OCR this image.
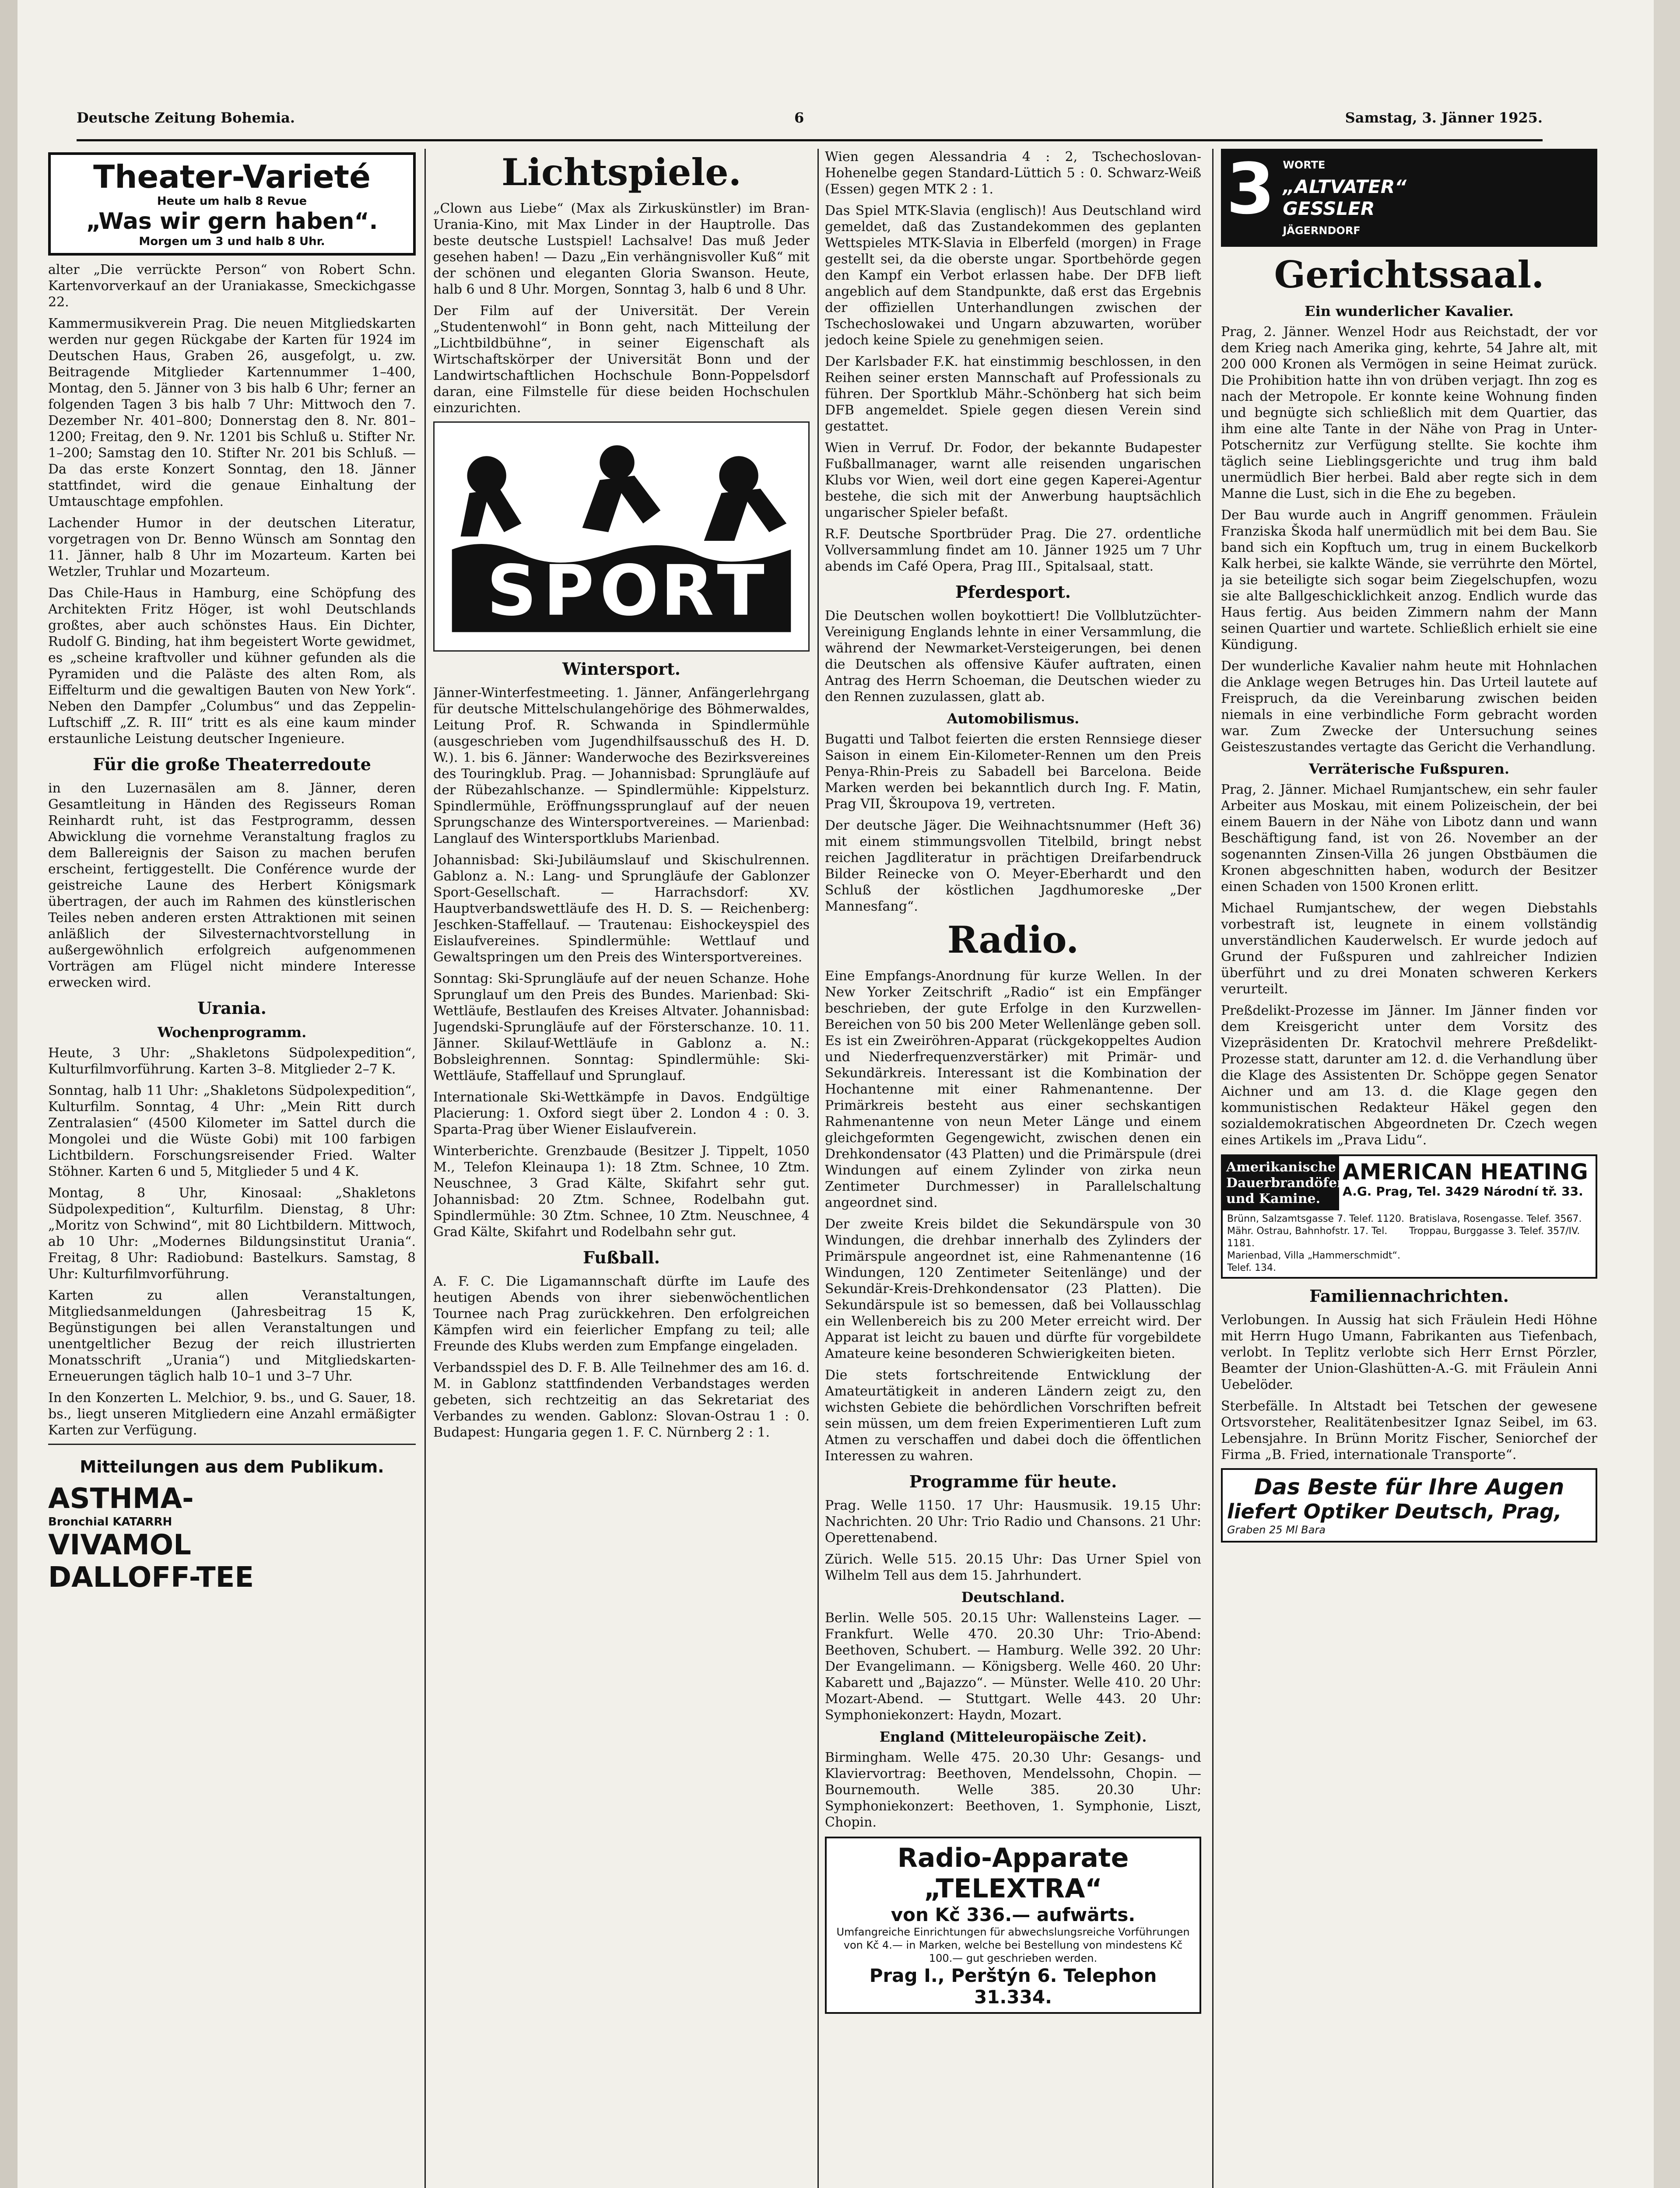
Deutsche Zeitung Bohemia.	6	Samstag, 3. Jänner 1925.
Theater-Varieté
Heute um halb 8 Revue
„Was wir gern haben“.
Morgen um 3 und halb 8 Uhr.

alter „Die verrückte Person“ von Robert Schn. Kartenvorverkauf an der Uraniakasse, Smeckichgasse 22.

Kammermusikverein Prag. Die neuen Mitgliedskarten werden nur gegen Rückgabe der Karten für 1924 im Deutschen Haus, Graben 26, ausgefolgt, u. zw. Beitragende Mitglieder Kartennummer 1–400, Montag, den 5. Jänner von 3 bis halb 6 Uhr; ferner an folgenden Tagen 3 bis halb 7 Uhr: Mittwoch den 7. Dezember Nr. 401–800; Donnerstag den 8. Nr. 801–1200; Freitag, den 9. Nr. 1201 bis Schluß u. Stifter Nr. 1–200; Samstag den 10. Stifter Nr. 201 bis Schluß. — Da das erste Konzert Sonntag, den 18. Jänner stattfindet, wird die genaue Einhaltung der Umtauschtage empfohlen.

Lachender Humor in der deutschen Literatur, vorgetragen von Dr. Benno Wünsch am Sonntag den 11. Jänner, halb 8 Uhr im Mozarteum. Karten bei Wetzler, Truhlar und Mozarteum.

Das Chile-Haus in Hamburg, eine Schöpfung des Architekten Fritz Höger, ist wohl Deutschlands großtes, aber auch schönstes Haus. Ein Dichter, Rudolf G. Binding, hat ihm begeistert Worte gewidmet, es „scheine kraftvoller und kühner gefunden als die Pyramiden und die Paläste des alten Rom, als Eiffelturm und die gewaltigen Bauten von New York“. Neben den Dampfer „Columbus“ und das Zeppelin-Luftschiff „Z. R. III“ tritt es als eine kaum minder erstaunliche Leistung deutscher Ingenieure.

Für die große Theaterredoute

in den Luzernasälen am 8. Jänner, deren Gesamtleitung in Händen des Regisseurs Roman Reinhardt ruht, ist das Festprogramm, dessen Abwicklung die vornehme Veranstaltung fraglos zu dem Ballereignis der Saison zu machen berufen erscheint, fertiggestellt. Die Conférence wurde der geistreiche Laune des Herbert Königsmark übertragen, der auch im Rahmen des künstlerischen Teiles neben anderen ersten Attraktionen mit seinen anläßlich der Silvesternachtvorstellung in außergewöhnlich erfolgreich aufgenommenen Vorträgen am Flügel nicht mindere Interesse erwecken wird.

Urania.
Wochenprogramm.

Heute, 3 Uhr: „Shakletons Südpolexpedition“, Kulturfilmvorführung. Karten 3–8. Mitglieder 2–7 K.

Sonntag, halb 11 Uhr: „Shakletons Südpolexpedition“, Kulturfilm. Sonntag, 4 Uhr: „Mein Ritt durch Zentralasien“ (4500 Kilometer im Sattel durch die Mongolei und die Wüste Gobi) mit 100 farbigen Lichtbildern. Forschungsreisender Fried. Walter Stöhner. Karten 6 und 5, Mitglieder 5 und 4 K.

Montag, 8 Uhr, Kinosaal: „Shakletons Südpolexpedition“, Kulturfilm. Dienstag, 8 Uhr: „Moritz von Schwind“, mit 80 Lichtbildern. Mittwoch, ab 10 Uhr: „Modernes Bildungsinstitut Urania“. Freitag, 8 Uhr: Radiobund: Bastelkurs. Samstag, 8 Uhr: Kulturfilmvorführung.

Karten zu allen Veranstaltungen, Mitgliedsanmeldungen (Jahresbeitrag 15 K, Begünstigungen bei allen Veranstaltungen und unentgeltlicher Bezug der reich illustrierten Monatsschrift „Urania“) und Mitgliedskarten-Erneuerungen täglich halb 10–1 und 3–7 Uhr.

In den Konzerten L. Melchior, 9. bs., und G. Sauer, 18. bs., liegt unseren Mitgliedern eine Anzahl ermäßigter Karten zur Verfügung.

Mitteilungen aus dem Publikum.
ASTHMA-
Bronchial KATARRH
VIVAMOL
DALLOFF-TEE
Lichtspiele.

„Clown aus Liebe“ (Max als Zirkuskünstler) im Bran-Urania-Kino, mit Max Linder in der Hauptrolle. Das beste deutsche Lustspiel! Lachsalve! Das muß Jeder gesehen haben! — Dazu „Ein verhängnisvoller Kuß“ mit der schönen und eleganten Gloria Swanson. Heute, halb 6 und 8 Uhr. Morgen, Sonntag 3, halb 6 und 8 Uhr.

Der Film auf der Universität. Der Verein „Studentenwohl“ in Bonn geht, nach Mitteilung der „Lichtbildbühne“, in seiner Eigenschaft als Wirtschaftskörper der Universität Bonn und der Landwirtschaftlichen Hochschule Bonn-Poppelsdorf daran, eine Filmstelle für diese beiden Hochschulen einzurichten.

S P O R T
Wintersport.

Jänner-Winterfestmeeting. 1. Jänner, Anfängerlehrgang für deutsche Mittelschulangehörige des Böhmerwaldes, Leitung Prof. R. Schwanda in Spindlermühle (ausgeschrieben vom Jugendhilfsausschuß des H. D. W.). 1. bis 6. Jänner: Wanderwoche des Bezirksvereines des Touringklub. Prag. — Johannisbad: Sprungläufe auf der Rübezahlschanze. — Spindlermühle: Kippelsturz. Spindlermühle, Eröffnungssprunglauf auf der neuen Sprungschanze des Wintersportvereines. — Marienbad: Langlauf des Wintersportklubs Marienbad.

Johannisbad: Ski-Jubiläumslauf und Skischulrennen. Gablonz a. N.: Lang- und Sprungläufe der Gablonzer Sport-Gesellschaft. — Harrachsdorf: XV. Hauptverbandswettläufe des H. D. S. — Reichenberg: Jeschken-Staffellauf. — Trautenau: Eishockeyspiel des Eislaufvereines. Spindlermühle: Wettlauf und Gewaltspringen um den Preis des Wintersportvereines.

Sonntag: Ski-Sprungläufe auf der neuen Schanze. Hohe Sprunglauf um den Preis des Bundes. Marienbad: Ski-Wettläufe, Bestlaufen des Kreises Altvater. Johannisbad: Jugendski-Sprungläufe auf der Försterschanze. 10. 11. Jänner. Skilauf-Wettläufe in Gablonz a. N.: Bobsleighrennen. Sonntag: Spindlermühle: Ski-Wettläufe, Staffellauf und Sprunglauf.

Internationale Ski-Wettkämpfe in Davos. Endgültige Placierung: 1. Oxford siegt über 2. London 4 : 0. 3. Sparta-Prag über Wiener Eislaufverein.

Winterberichte. Grenzbaude (Besitzer J. Tippelt, 1050 M., Telefon Kleinaupa 1): 18 Ztm. Schnee, 10 Ztm. Neuschnee, 3 Grad Kälte, Skifahrt sehr gut. Johannisbad: 20 Ztm. Schnee, Rodelbahn gut. Spindlermühle: 30 Ztm. Schnee, 10 Ztm. Neuschnee, 4 Grad Kälte, Skifahrt und Rodelbahn sehr gut.

Fußball.

A. F. C. Die Ligamannschaft dürfte im Laufe des heutigen Abends von ihrer siebenwöchentlichen Tournee nach Prag zurückkehren. Den erfolgreichen Kämpfen wird ein feierlicher Empfang zu teil; alle Freunde des Klubs werden zum Empfange eingeladen.

Verbandsspiel des D. F. B. Alle Teilnehmer des am 16. d. M. in Gablonz stattfindenden Verbandstages werden gebeten, sich rechtzeitig an das Sekretariat des Verbandes zu wenden. Gablonz: Slovan-Ostrau 1 : 0. Budapest: Hungaria gegen 1. F. C. Nürnberg 2 : 1.

Wien gegen Alessandria 4 : 2, Tschechoslovan-Hohenelbe gegen Standard-Lüttich 5 : 0. Schwarz-Weiß (Essen) gegen MTK 2 : 1.

Das Spiel MTK-Slavia (englisch)! Aus Deutschland wird gemeldet, daß das Zustandekommen des geplanten Wettspieles MTK-Slavia in Elberfeld (morgen) in Frage gestellt sei, da die oberste ungar. Sportbehörde gegen den Kampf ein Verbot erlassen habe. Der DFB lieft angeblich auf dem Standpunkte, daß erst das Ergebnis der offiziellen Unterhandlungen zwischen der Tschechoslowakei und Ungarn abzuwarten, worüber jedoch keine Spiele zu genehmigen seien.

Der Karlsbader F.K. hat einstimmig beschlossen, in den Reihen seiner ersten Mannschaft auf Professionals zu führen. Der Sportklub Mähr.-Schönberg hat sich beim DFB angemeldet. Spiele gegen diesen Verein sind gestattet.

Wien in Verruf. Dr. Fodor, der bekannte Budapester Fußballmanager, warnt alle reisenden ungarischen Klubs vor Wien, weil dort eine gegen Kaperei-Agentur bestehe, die sich mit der Anwerbung hauptsächlich ungarischer Spieler befaßt.

R.F. Deutsche Sportbrüder Prag. Die 27. ordentliche Vollversammlung findet am 10. Jänner 1925 um 7 Uhr abends im Café Opera, Prag III., Spitalsaal, statt.

Pferdesport.

Die Deutschen wollen boykottiert! Die Vollblutzüchter-Vereinigung Englands lehnte in einer Versammlung, die während der Newmarket-Versteigerungen, bei denen die Deutschen als offensive Käufer auftraten, einen Antrag des Herrn Schoeman, die Deutschen wieder zu den Rennen zuzulassen, glatt ab.

Automobilismus.

Bugatti und Talbot feierten die ersten Rennsiege dieser Saison in einem Ein-Kilometer-Rennen um den Preis Penya-Rhin-Preis zu Sabadell bei Barcelona. Beide Marken werden bei bekanntlich durch Ing. F. Matin, Prag VII, Škroupova 19, vertreten.

Der deutsche Jäger. Die Weihnachtsnummer (Heft 36) mit einem stimmungsvollen Titelbild, bringt nebst reichen Jagdliteratur in prächtigen Dreifarbendruck Bilder Reinecke von O. Meyer-Eberhardt und den Schluß der köstlichen Jagdhumoreske „Der Mannesfang“.

Radio.

Eine Empfangs-Anordnung für kurze Wellen. In der New Yorker Zeitschrift „Radio“ ist ein Empfänger beschrieben, der gute Erfolge in den Kurzwellen-Bereichen von 50 bis 200 Meter Wellenlänge geben soll. Es ist ein Zweiröhren-Apparat (rückgekoppeltes Audion und Niederfrequenzverstärker) mit Primär- und Sekundärkreis. Interessant ist die Kombination der Hochantenne mit einer Rahmenantenne. Der Primärkreis besteht aus einer sechskantigen Rahmenantenne von neun Meter Länge und einem gleichgeformten Gegengewicht, zwischen denen ein Drehkondensator (43 Platten) und die Primärspule (drei Windungen auf einem Zylinder von zirka neun Zentimeter Durchmesser) in Parallelschaltung angeordnet sind.

Der zweite Kreis bildet die Sekundärspule von 30 Windungen, die drehbar innerhalb des Zylinders der Primärspule angeordnet ist, eine Rahmenantenne (16 Windungen, 120 Zentimeter Seitenlänge) und der Sekundär-Kreis-Drehkondensator (23 Platten). Die Sekundärspule ist so bemessen, daß bei Vollausschlag ein Wellenbereich bis zu 200 Meter erreicht wird. Der Apparat ist leicht zu bauen und dürfte für vorgebildete Amateure keine besonderen Schwierigkeiten bieten.

Die stets fortschreitende Entwicklung der Amateurtätigkeit in anderen Ländern zeigt zu, den wichsten Gebiete die behördlichen Vorschriften befreit sein müssen, um dem freien Experimentieren Luft zum Atmen zu verschaffen und dabei doch die öffentlichen Interessen zu wahren.

Programme für heute.

Prag. Welle 1150. 17 Uhr: Hausmusik. 19.15 Uhr: Nachrichten. 20 Uhr: Trio Radio und Chansons. 21 Uhr: Operettenabend.

Zürich. Welle 515. 20.15 Uhr: Das Urner Spiel von Wilhelm Tell aus dem 15. Jahrhundert.

Deutschland.

Berlin. Welle 505. 20.15 Uhr: Wallensteins Lager. — Frankfurt. Welle 470. 20.30 Uhr: Trio-Abend: Beethoven, Schubert. — Hamburg. Welle 392. 20 Uhr: Der Evangelimann. — Königsberg. Welle 460. 20 Uhr: Kabarett und „Bajazzo“. — Münster. Welle 410. 20 Uhr: Mozart-Abend. — Stuttgart. Welle 443. 20 Uhr: Symphoniekonzert: Haydn, Mozart.

England (Mitteleuropäische Zeit).

Birmingham. Welle 475. 20.30 Uhr: Gesangs- und Klaviervortrag: Beethoven, Mendelssohn, Chopin. — Bournemouth. Welle 385. 20.30 Uhr: Symphoniekonzert: Beethoven, 1. Symphonie, Liszt, Chopin.

Radio-Apparate „TELEXTRA“
von Kč 336.— aufwärts.
Umfangreiche Einrichtungen für abwechslungsreiche Vorführungen von Kč 4.— in Marken, welche bei Bestellung von mindestens Kč 100.— gut geschrieben werden.
Prag I., Perštýn 6. Telephon 31.334.
3 WORTE
„ALTVATER“
GESSLER
JÄGERNDORF
Gerichtssaal.
Ein wunderlicher Kavalier.

Prag, 2. Jänner. Wenzel Hodr aus Reichstadt, der vor dem Krieg nach Amerika ging, kehrte, 54 Jahre alt, mit 200 000 Kronen als Vermögen in seine Heimat zurück. Die Prohibition hatte ihn von drüben verjagt. Ihn zog es nach der Metropole. Er konnte keine Wohnung finden und begnügte sich schließlich mit dem Quartier, das ihm eine alte Tante in der Nähe von Prag in Unter-Potschernitz zur Verfügung stellte. Sie kochte ihm täglich seine Lieblingsgerichte und trug ihm bald unermüdlich Bier herbei. Bald aber regte sich in dem Manne die Lust, sich in die Ehe zu begeben.

Der Bau wurde auch in Angriff genommen. Fräulein Franziska Škoda half unermüdlich mit bei dem Bau. Sie band sich ein Kopftuch um, trug in einem Buckelkorb Kalk herbei, sie kalkte Wände, sie verrührte den Mörtel, ja sie beteiligte sich sogar beim Ziegelschupfen, wozu sie alte Ballgeschicklichkeit anzog. Endlich wurde das Haus fertig. Aus beiden Zimmern nahm der Mann seinen Quartier und wartete. Schließlich erhielt sie eine Kündigung.

Der wunderliche Kavalier nahm heute mit Hohnlachen die Anklage wegen Betruges hin. Das Urteil lautete auf Freispruch, da die Vereinbarung zwischen beiden niemals in eine verbindliche Form gebracht worden war. Zum Zwecke der Untersuchung seines Geisteszustandes vertagte das Gericht die Verhandlung.

Verräterische Fußspuren.

Prag, 2. Jänner. Michael Rumjantschew, ein sehr fauler Arbeiter aus Moskau, mit einem Polizeischein, der bei einem Bauern in der Nähe von Libotz dann und wann Beschäftigung fand, ist von 26. November an der sogenannten Zinsen-Villa 26 jungen Obstbäumen die Kronen abgeschnitten haben, wodurch der Besitzer einen Schaden von 1500 Kronen erlitt.

Michael Rumjantschew, der wegen Diebstahls vorbestraft ist, leugnete in einem vollständig unverständlichen Kauderwelsch. Er wurde jedoch auf Grund der Fußspuren und zahlreicher Indizien überführt und zu drei Monaten schweren Kerkers verurteilt.

Preßdelikt-Prozesse im Jänner. Im Jänner finden vor dem Kreisgericht unter dem Vorsitz des Vizepräsidenten Dr. Kratochvil mehrere Preßdelikt-Prozesse statt, darunter am 12. d. die Verhandlung über die Klage des Assistenten Dr. Schöppe gegen Senator Aichner und am 13. d. die Klage gegen den kommunistischen Redakteur Häkel gegen den sozialdemokratischen Abgeordneten Dr. Czech wegen eines Artikels im „Prava Lidu“.

Amerikanische Dauerbrandöfen und Kamine.
AMERICAN HEATING
A.G. Prag, Tel. 3429 Národní tř. 33.
Brünn, Salzamtsgasse 7. Telef. 1120. Bratislava, Rosengasse. Telef. 3567.
Mähr. Ostrau, Bahnhofstr. 17. Tel. 1181.
Troppau, Burggasse 3. Telef. 357/IV.
Marienbad, Villa „Hammerschmidt“. Telef. 134.
Familiennachrichten.

Verlobungen. In Aussig hat sich Fräulein Hedi Höhne mit Herrn Hugo Umann, Fabrikanten aus Tiefenbach, verlobt. In Teplitz verlobte sich Herr Ernst Pörzler, Beamter der Union-Glashütten-A.-G. mit Fräulein Anni Uebelöder.

Sterbefälle. In Altstadt bei Tetschen der gewesene Ortsvorsteher, Realitätenbesitzer Ignaz Seibel, im 63. Lebensjahre. In Brünn Moritz Fischer, Seniorchef der Firma „B. Fried, internationale Transporte“.

Das Beste für Ihre Augen
liefert Optiker Deutsch, Prag,
Graben 25 Ml Bara
